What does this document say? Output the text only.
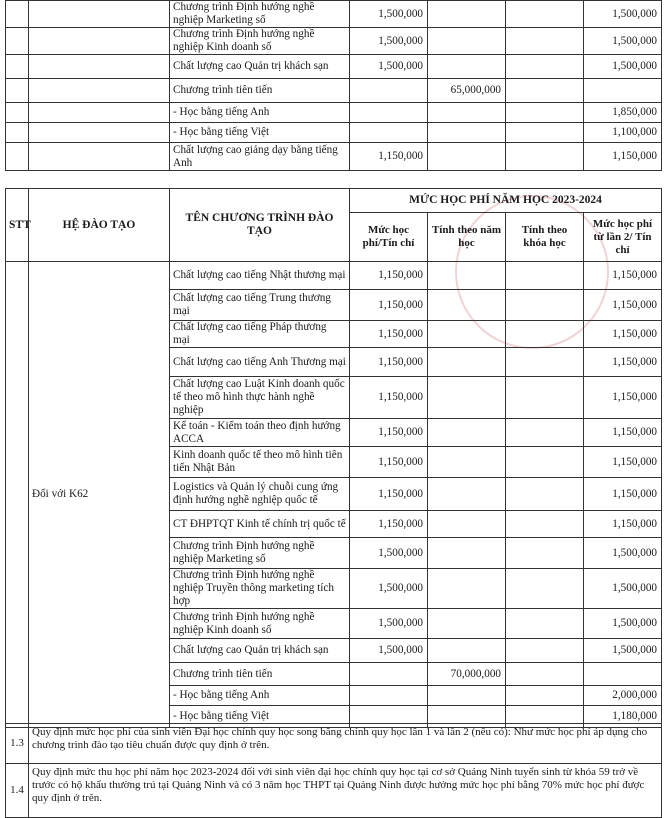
		Chương trình Định hướng nghề nghiệp Marketing số	1,500,000			1,500,000
		Chương trình Định hướng nghề nghiệp Kinh doanh số	1,500,000			1,500,000
		Chất lượng cao Quản trị khách sạn	1,500,000			1,500,000
		Chương trình tiên tiến		65,000,000		
		- Học bằng tiếng Anh				1,850,000
		- Học bằng tiếng Việt				1,100,000
		Chất lượng cao giảng dạy bằng tiếng Anh	1,150,000			1,150,000
STT	HỆ ĐÀO TẠO	TÊN CHƯƠNG TRÌNH ĐÀO TẠO	MỨC HỌC PHÍ NĂM HỌC 2023-2024			
			Mức học phí/Tín chỉ	Tính theo năm học	Tính theo khóa học	Mức học phí từ lần 2/ Tín chỉ
	Đối với K62	Chất lượng cao tiếng Nhật thương mại	1,150,000			1,150,000
		Chất lượng cao tiếng Trung thương mại	1,150,000			1,150,000
		Chất lượng cao tiếng Pháp thương mại	1,150,000			1,150,000
		Chất lượng cao tiếng Anh Thương mại	1,150,000			1,150,000
		Chất lượng cao Luật Kinh doanh quốc tế theo mô hình thực hành nghề nghiệp	1,150,000			1,150,000
		Kế toán - Kiểm toán theo định hướng ACCA	1,150,000			1,150,000
		Kinh doanh quốc tế theo mô hình tiên tiến Nhật Bản	1,150,000			1,150,000
		Logistics và Quản lý chuỗi cung ứng định hướng nghề nghiệp quốc tế	1,150,000			1,150,000
		CT ĐHPTQT Kinh tế chính trị quốc tế	1,150,000			1,150,000
		Chương trình Định hướng nghề nghiệp Marketing số	1,500,000			1,500,000
		Chương trình Định hướng nghề nghiệp Truyền thông marketing tích hợp	1,500,000			1,500,000
		Chương trình Định hướng nghề nghiệp Kinh doanh số	1,500,000			1,500,000
		Chất lượng cao Quản trị khách sạn	1,500,000			1,500,000
		Chương trình tiên tiến		70,000,000		
		- Học bằng tiếng Anh				2,000,000
		- Học bằng tiếng Việt				1,180,000
1.3	Quy định mức học phí của sinh viên Đại học chính quy học song bằng chính quy học lần 1 và lần 2 (nếu có): Như mức học phí áp dụng cho chương trình đào tạo tiêu chuẩn được quy định ở trên.
1.4	Quy định mức thu học phí năm học 2023-2024 đối với sinh viên đại học chính quy học tại cơ sở Quảng Ninh tuyển sinh từ khóa 59 trở về trước có hộ khẩu thường trú tại Quảng Ninh và có 3 năm học THPT tại Quảng Ninh được hưởng mức học phí bằng 70% mức học phí được quy định ở trên.
